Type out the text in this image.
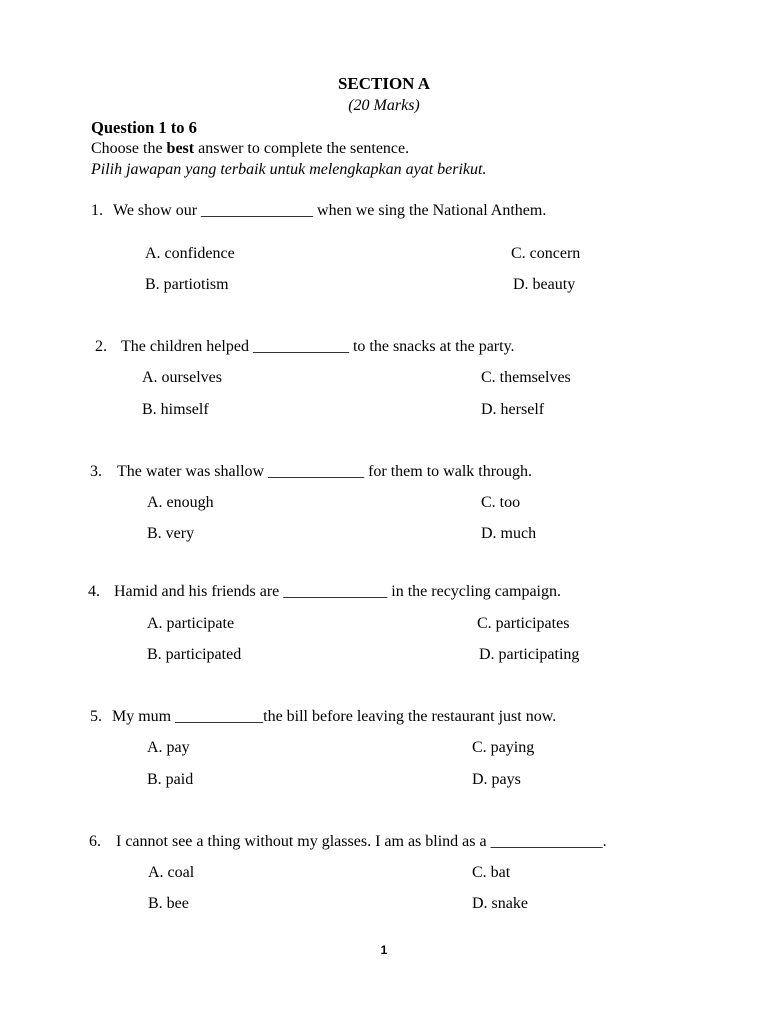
SECTION A
(20 Marks)
Question 1 to 6
Choose the best answer to complete the sentence.
Pilih jawapan yang terbaik untuk melengkapkan ayat berikut.
1. We show our ______________ when we sing the National Anthem.
A. confidence
B. partiotism
C. concern
D. beauty
2. The children helped ____________ to the snacks at the party.
A. ourselves
B. himself
C. themselves
D. herself
3. The water was shallow ____________ for them to walk through.
A. enough
B. very
C. too
D. much
4. Hamid and his friends are _____________ in the recycling campaign.
A. participate
B. participated
C. participates
D. participating
5. My mum ___________the bill before leaving the restaurant just now.
A. pay
B. paid
C. paying
D. pays
6. I cannot see a thing without my glasses. I am as blind as a ______________.
A. coal
B. bee
C. bat
D. snake
1
